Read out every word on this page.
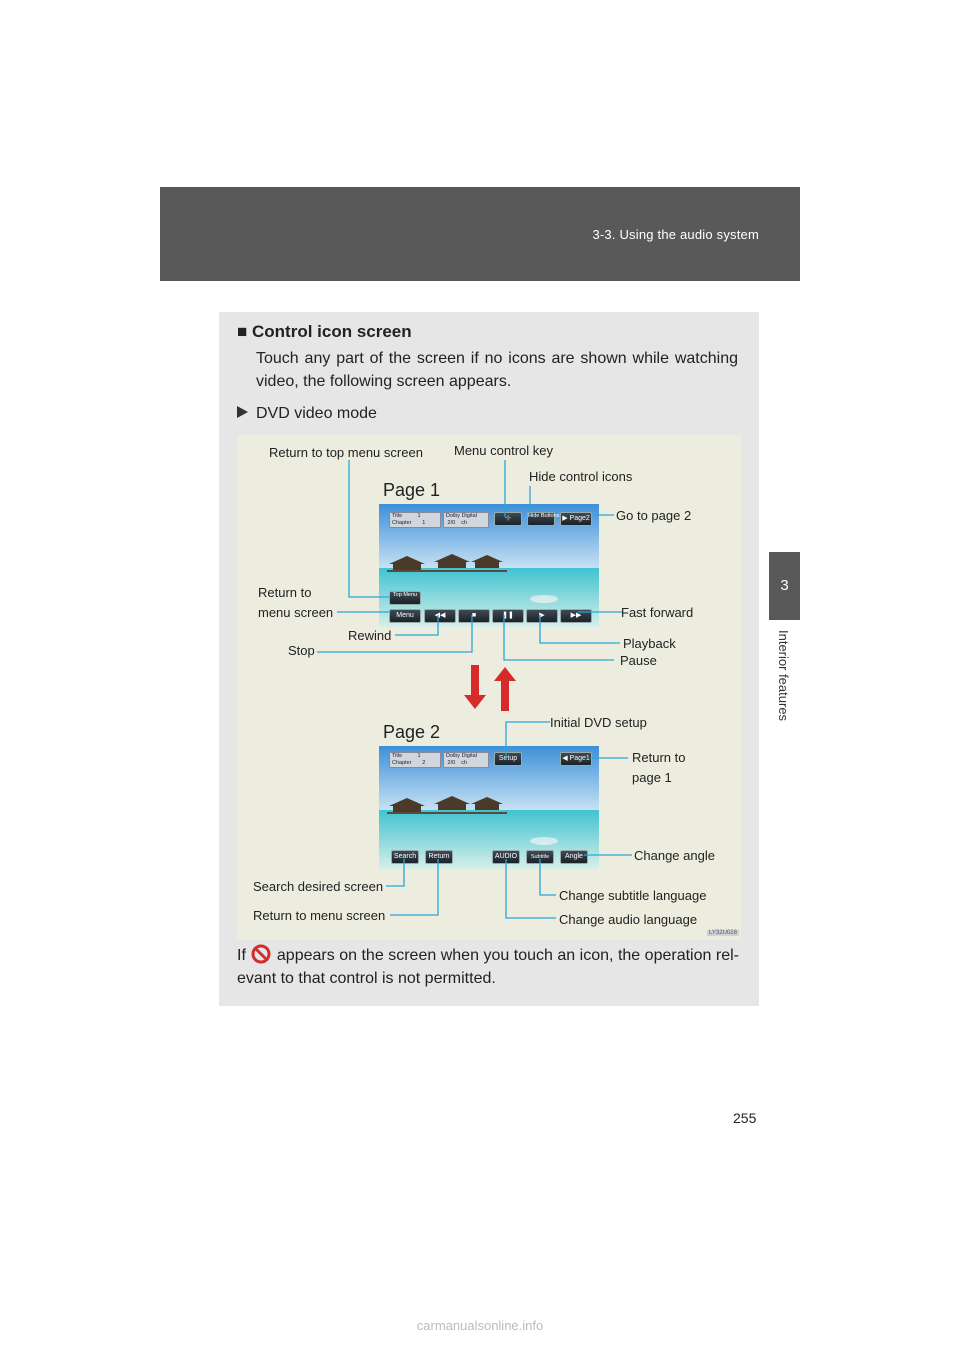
3-3. Using the audio system
3
Interior features
■ Control icon screen
Touch any part of the screen if no icons are shown while watching video, the following screen appears.
DVD video mode
Page 1
Page 2
Title          1
Chapter       1
Dolby Digital
2/0    ch
⊹	Hide Buttons ▶ Page2
Top Menu
Menu	◀◀	■	❚❚	▶	▶▶
Title          1
Chapter       2
Dolby Digital
2/0    ch
Setup	◀ Page1
Search	Return	AUDIO	Subtitle	Angle
Return to top menu screen Menu control key
Hide control icons
Go to page 2
Return to
menu screen	Fast forward
Rewind
Playback
Stop
Pause
Initial DVD setup
Return to
page 1
Change angle
Search desired screen
Change subtitle language
Return to menu screen	Change audio language
LY32U028
If appears on the screen when you touch an icon, the operation rel-evant to that control is not permitted.
255
carmanualsonline.info
